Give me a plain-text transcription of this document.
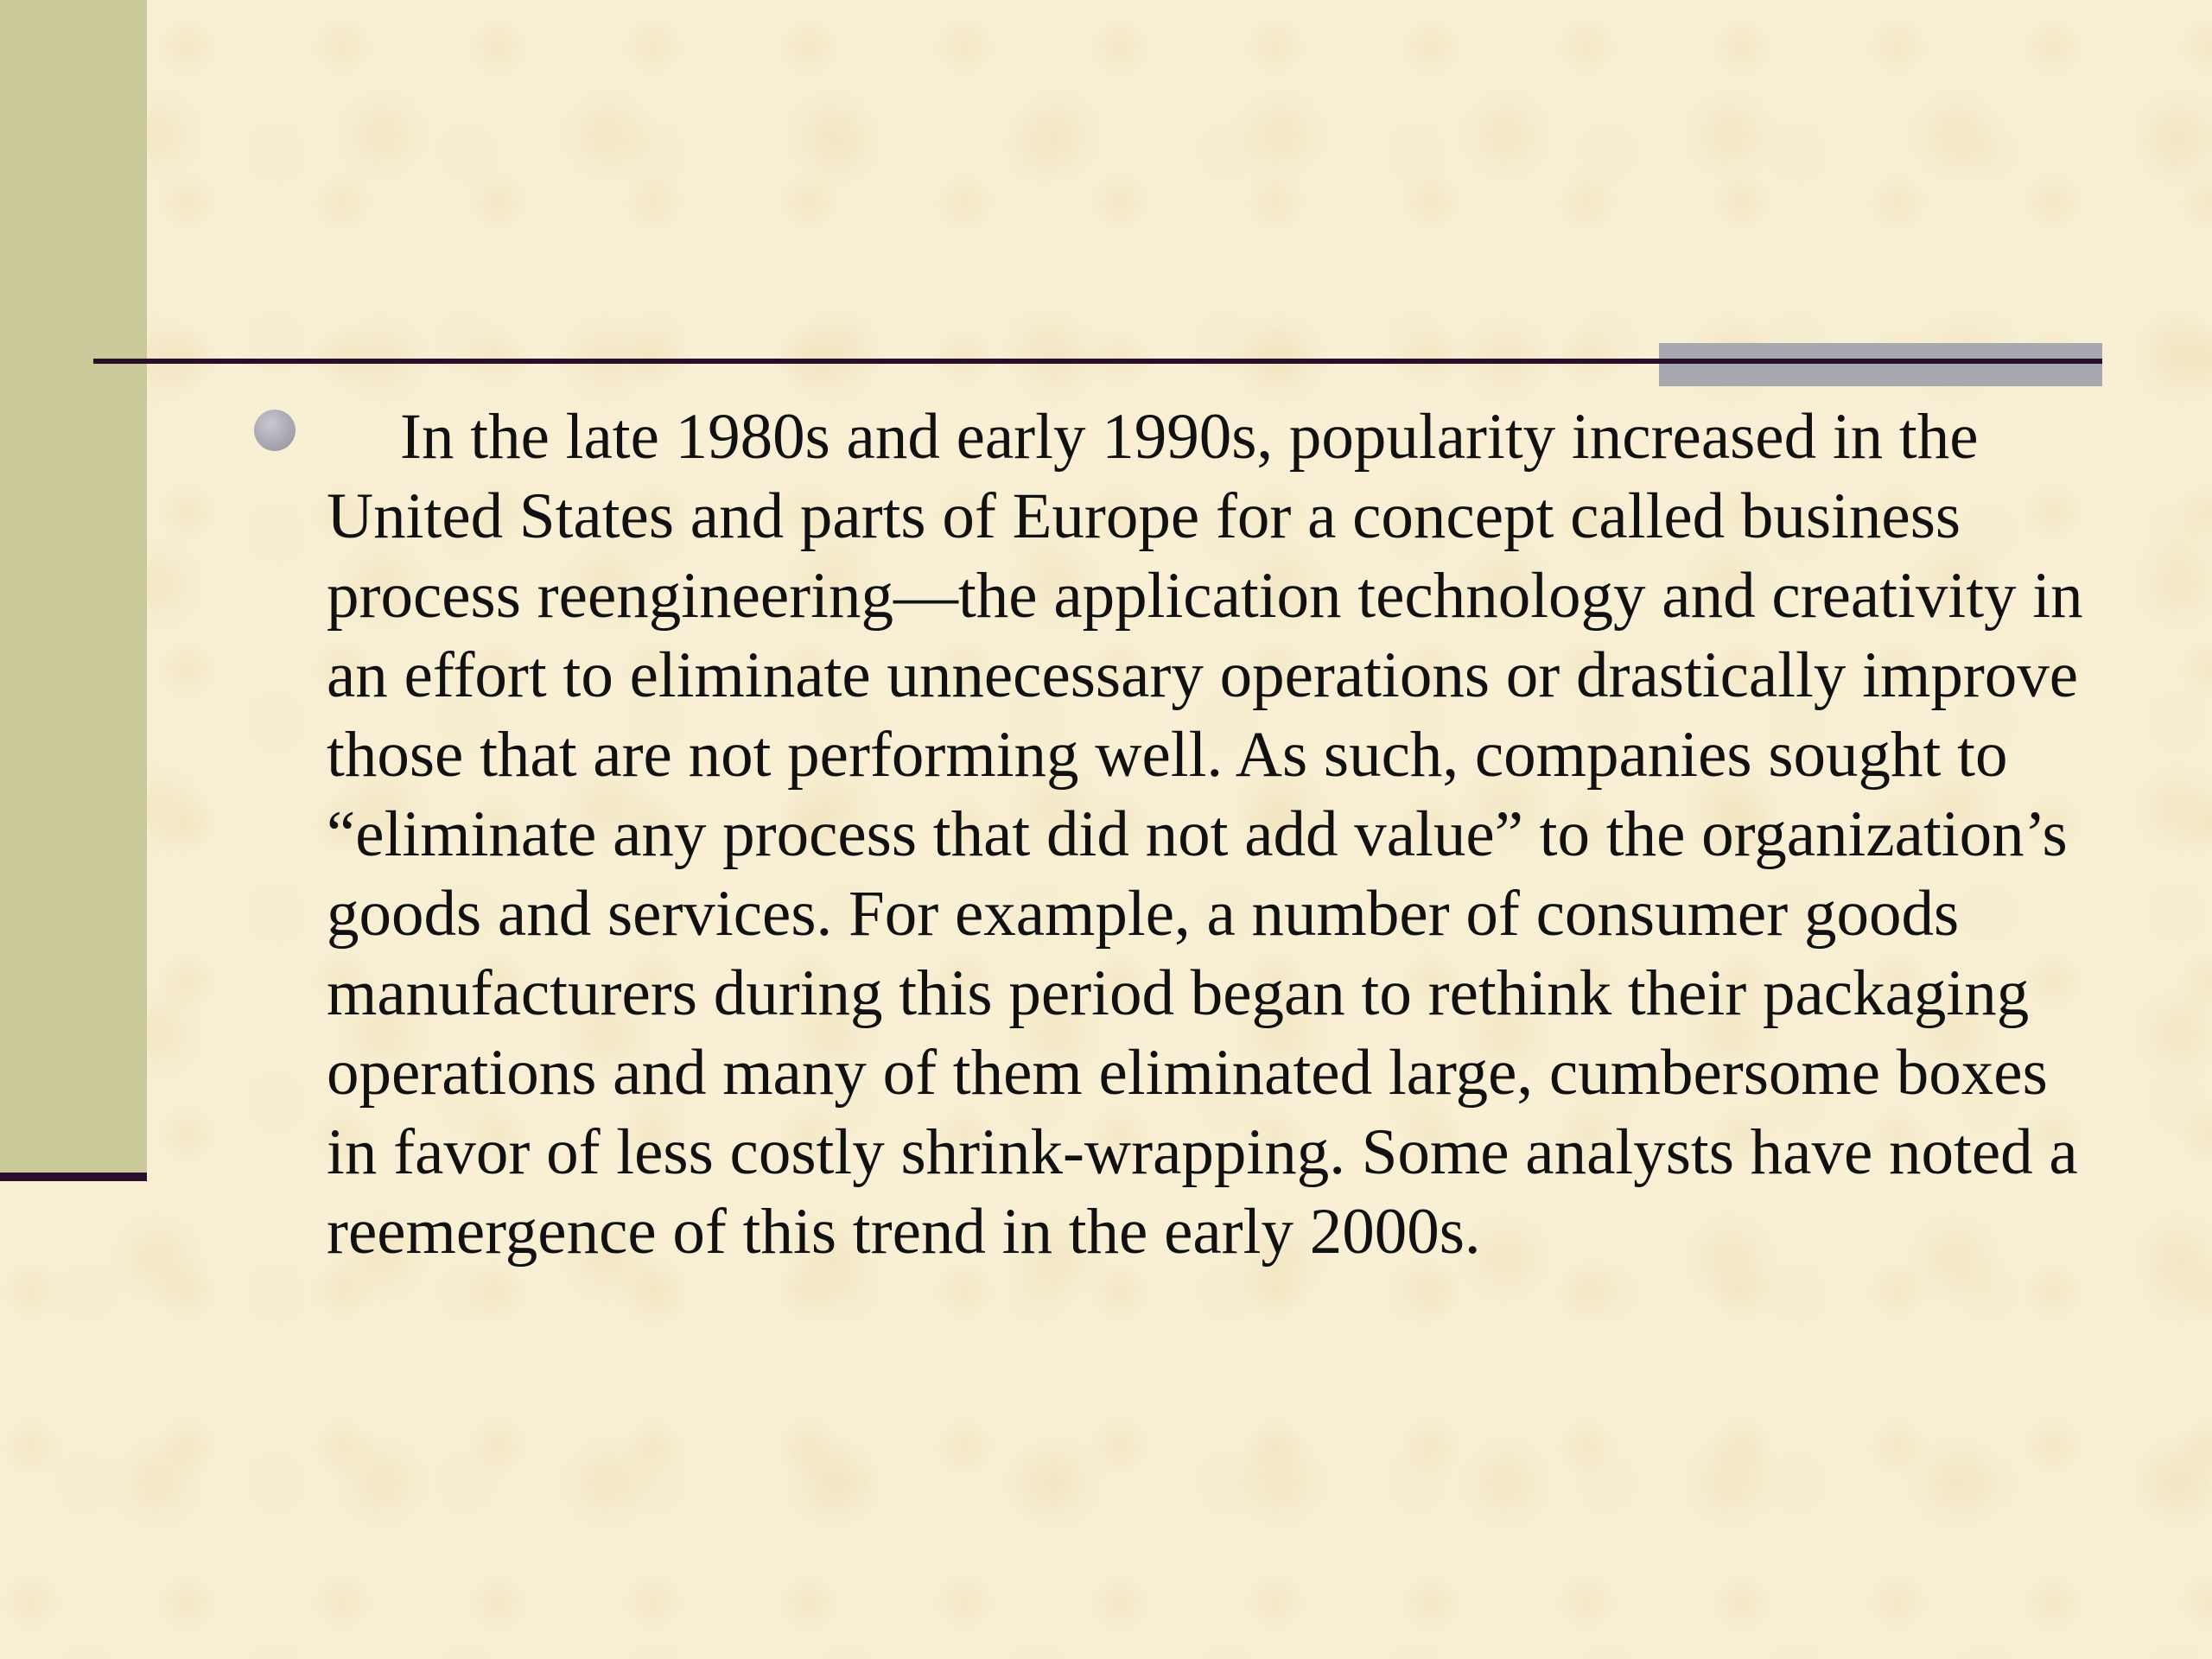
In the late 1980s and early 1990s, popularity increased in the United States and parts of Europe for a concept called business process reengineering—the application technology and creativity in an effort to eliminate unnecessary operations or drastically improve those that are not performing well. As such, companies sought to “eliminate any process that did not add value” to the organization’s goods and services. For example, a number of consumer goods manufacturers during this period began to rethink their packaging operations and many of them eliminated large, cumbersome boxes in favor of less costly shrink-wrapping. Some analysts have noted a reemergence of this trend in the early 2000s.
